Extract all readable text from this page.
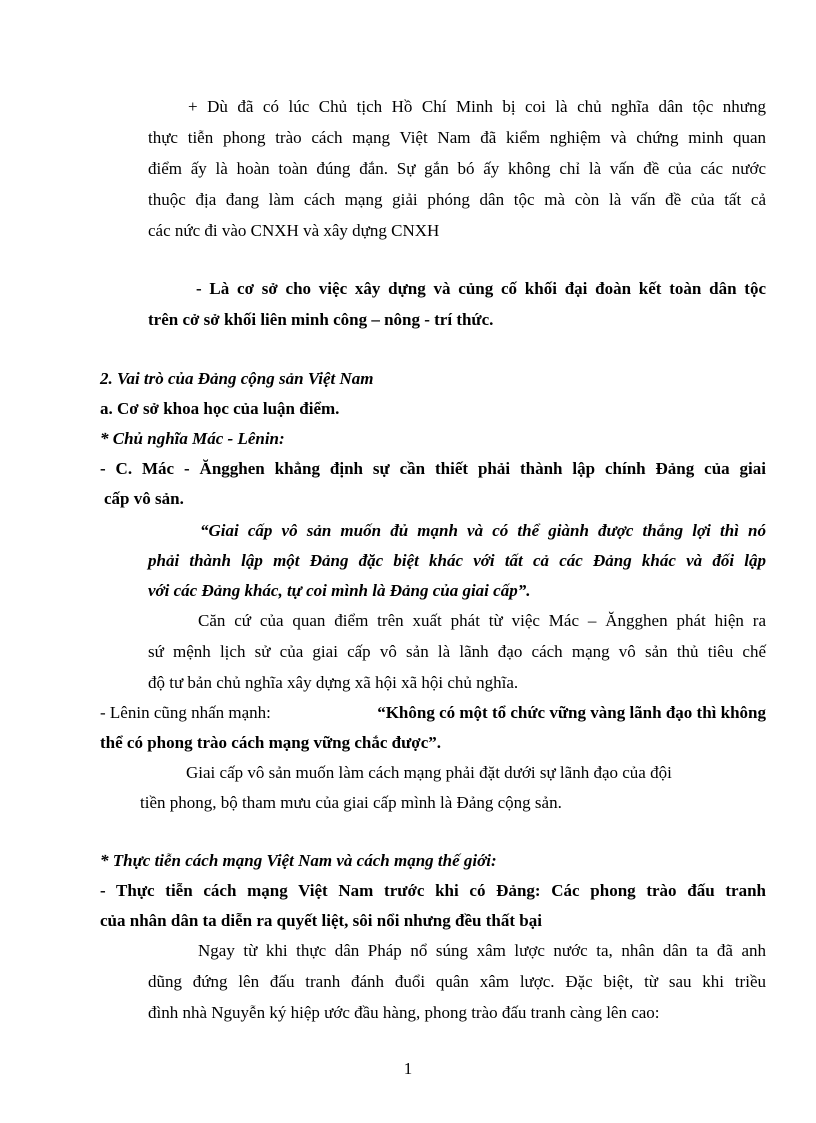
+ Dù đã có lúc Chủ tịch Hồ Chí Minh bị coi là chủ nghĩa dân tộc nhưng
thực tiễn phong trào cách mạng Việt Nam đã kiểm nghiệm và chứng minh quan
điểm ấy là hoàn toàn đúng đắn. Sự gắn bó ấy không chỉ là vấn đề của các nước
thuộc địa đang làm cách mạng giải phóng dân tộc mà còn là vấn đề của tất cả
các nức đi vào CNXH và xây dựng CNXH
- Là cơ sở cho việc xây dựng và củng cố khối đại đoàn kết toàn dân tộc
trên cở sở khối liên minh công – nông - trí thức.
2. Vai trò của Đảng cộng sản Việt Nam
a. Cơ sở khoa học của luận điểm.
* Chủ nghĩa Mác - Lênin:
- C. Mác - Ăngghen khẳng định sự cần thiết phải thành lập chính Đảng của giai
cấp vô sản.
“Giai cấp vô sản muốn đủ mạnh và có thể giành được thắng lợi thì nó
phải thành lập một Đảng đặc biệt khác với tất cả các Đảng khác và đối lập
với các Đảng khác, tự coi mình là Đảng của giai cấp”.
Căn cứ của quan điểm trên xuất phát từ việc Mác – Ăngghen phát hiện ra
sứ mệnh lịch sử của giai cấp vô sản là lãnh đạo cách mạng vô sản thủ tiêu chế
độ tư bản chủ nghĩa xây dựng xã hội xã hội chủ nghĩa.
- Lênin cũng nhấn mạnh:	“Không có một tổ chức vững vàng lãnh đạo thì không
thể có phong trào cách mạng vững chắc được”.
Giai cấp vô sản muốn làm cách mạng phải đặt dưới sự lãnh đạo của đội
tiền phong, bộ tham mưu của giai cấp mình là Đảng cộng sản.
* Thực tiễn cách mạng Việt Nam và cách mạng thế giới:
- Thực tiễn cách mạng Việt Nam trước khi có Đảng: Các phong trào đấu tranh
của nhân dân ta diễn ra quyết liệt, sôi nổi nhưng đều thất bại
Ngay từ khi thực dân Pháp nổ súng xâm lược nước ta, nhân dân ta đã anh
dũng đứng lên đấu tranh đánh đuổi quân xâm lược. Đặc biệt, từ sau khi triều
đình nhà Nguyễn ký hiệp ước đầu hàng, phong trào đấu tranh càng lên cao:
1
